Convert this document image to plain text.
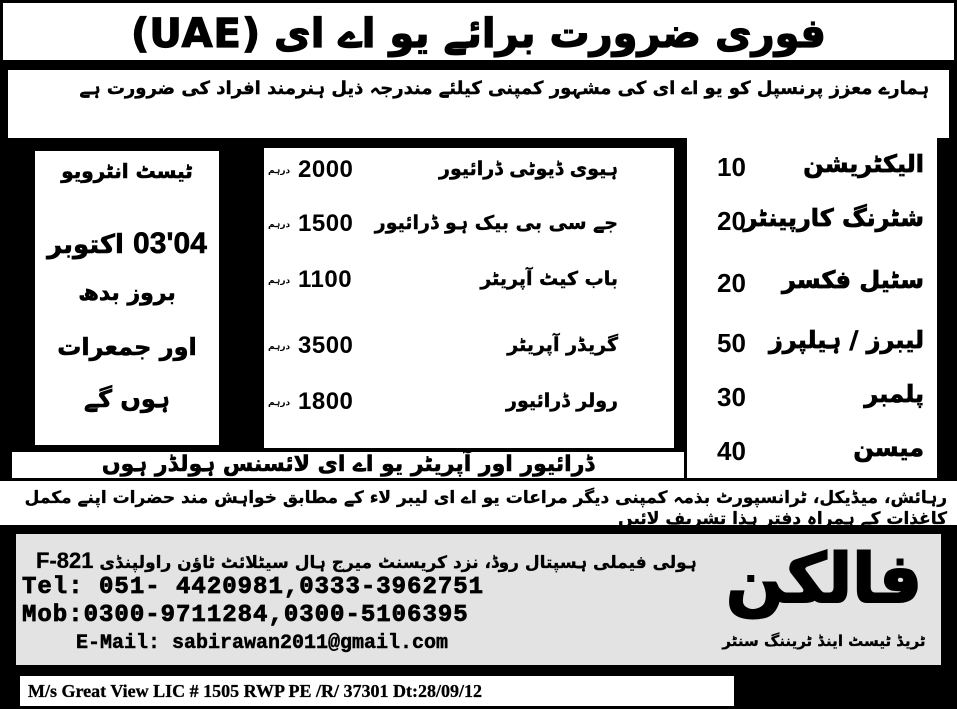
فوری ضرورت برائے یو اے ای (UAE)
ہمارے معزز پرنسپل کو یو اے ای کی مشہور کمپنی کیلئے مندرجہ ذیل ہنرمند افراد کی ضرورت ہے
ٹیسٹ انٹرویو
03'04 اکتوبر
بروز بدھ
اور جمعرات
ہوں گے
ہیوی ڈیوٹی ڈرائیور
2000
درہم
جے سی بی بیک ہو ڈرائیور
1500
درہم
باب کیٹ آپریٹر
1100
درہم
گریڈر آپریٹر
3500
درہم
رولر ڈرائیور
1800
درہم
الیکٹریشن
10
شٹرنگ کارپینٹر
20
سٹیل فکسر
20
لیبرز / ہیلپرز
50
پلمبر
30
میسن
40
ڈرائیور اور آپریٹر یو اے ای لائسنس ہولڈر ہوں
رہائش، میڈیکل، ٹرانسپورٹ بذمہ کمپنی دیگر مراعات یو اے ای لیبر لاء کے مطابق خواہش مند حضرات اپنے مکمل کاغذات کے ہمراہ دفتر ہذا تشریف لائیں
ہولی فیملی ہسپتال روڈ، نزد کریسنٹ میرج ہال سیٹلائٹ ٹاؤن راولپنڈی F-821
Tel: 051- 4420981,0333-3962751
Mob:0300-9711284,0300-5106395
E-Mail: sabirawan2011@gmail.com
فالکن
ٹریڈ ٹیسٹ اینڈ ٹریننگ سنٹر
M/s Great View LIC # 1505 RWP PE /R/ 37301 Dt:28/09/12
